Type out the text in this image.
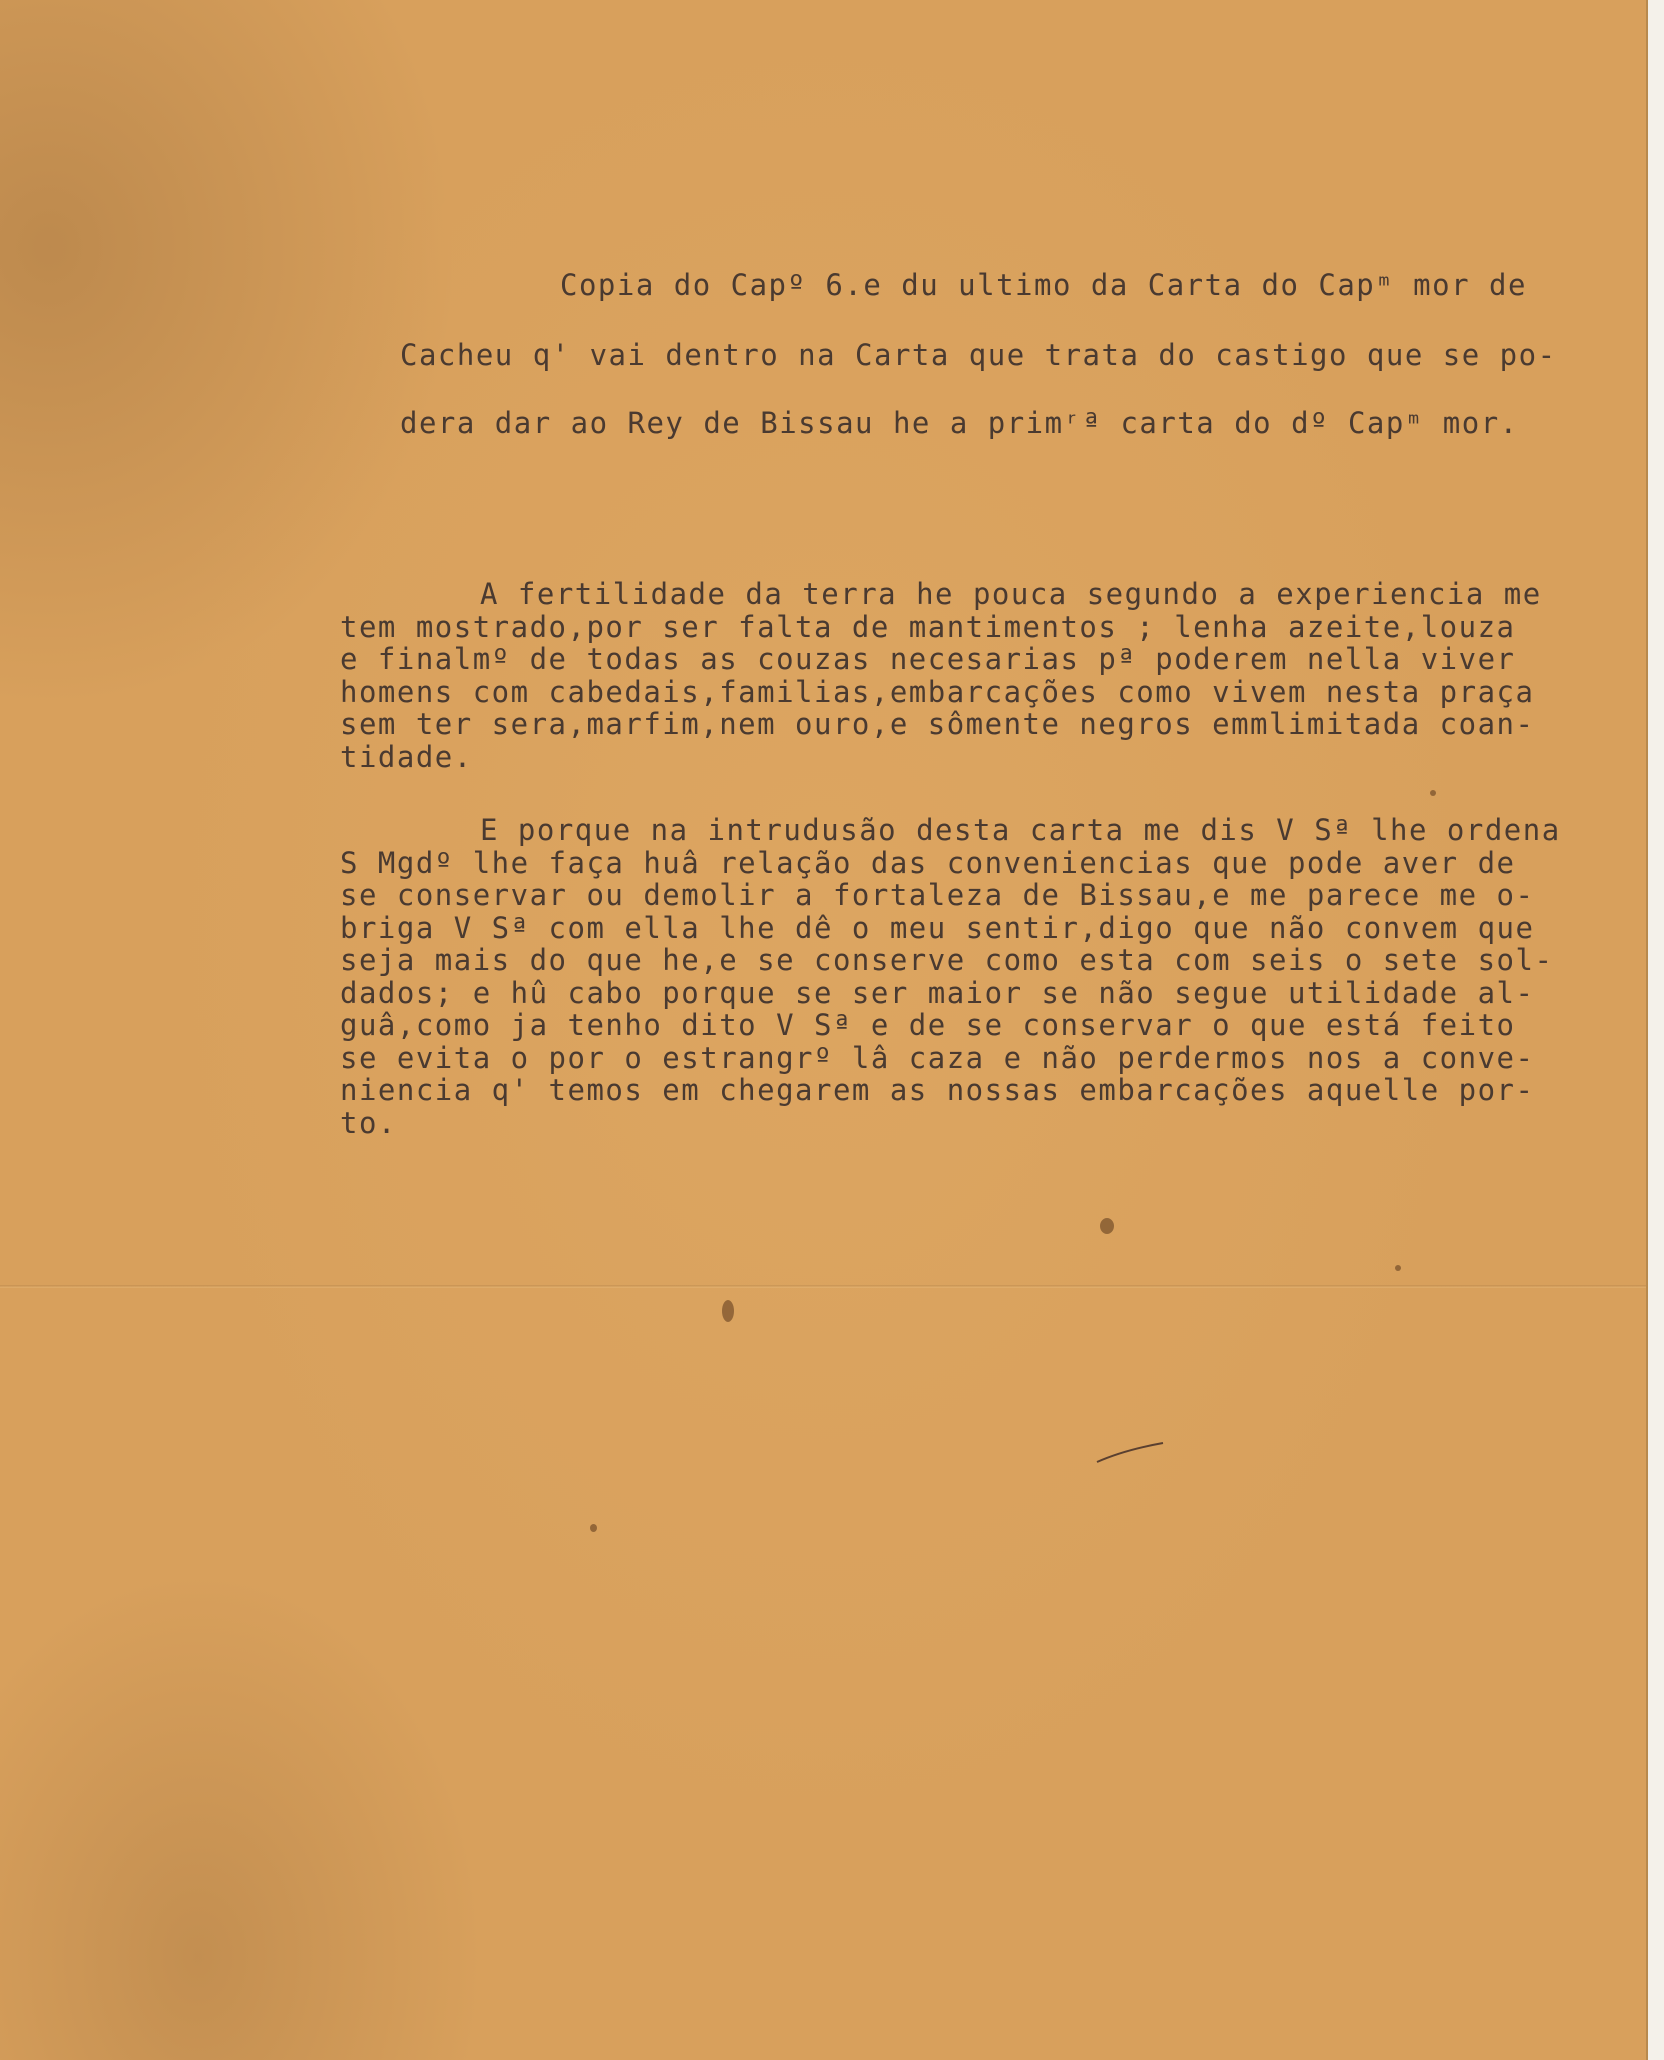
Copia do Capº 6.e du ultimo da Carta do Capᵐ mor de

Cacheu q' vai dentro na Carta que trata do castigo que se po-

dera dar ao Rey de Bissau he a primʳª carta do dº Capᵐ mor.

A fertilidade da terra he pouca segundo a experiencia me
tem mostrado,por ser falta de mantimentos ; lenha azeite,louza
e finalmº de todas as couzas necesarias pª poderem nella viver
homens com cabedais,familias,embarcações como vivem nesta praça
sem ter sera,marfim,nem ouro,e sômente negros emmlimitada coan-
tidade.
E porque na intrudusão desta carta me dis V Sª lhe ordena
S Mgdº lhe faça huâ relação das conveniencias que pode aver de
se conservar ou demolir a fortaleza de Bissau,e me parece me o-
briga V Sª com ella lhe dê o meu sentir,digo que não convem que
seja mais do que he,e se conserve como esta com seis o sete sol-
dados; e hû cabo porque se ser maior se não segue utilidade al-
guâ,como ja tenho dito V Sª e de se conservar o que está feito
se evita o por o estrangrº lâ caza e não perdermos nos a conve-
niencia q' temos em chegarem as nossas embarcações aquelle por-
to.
